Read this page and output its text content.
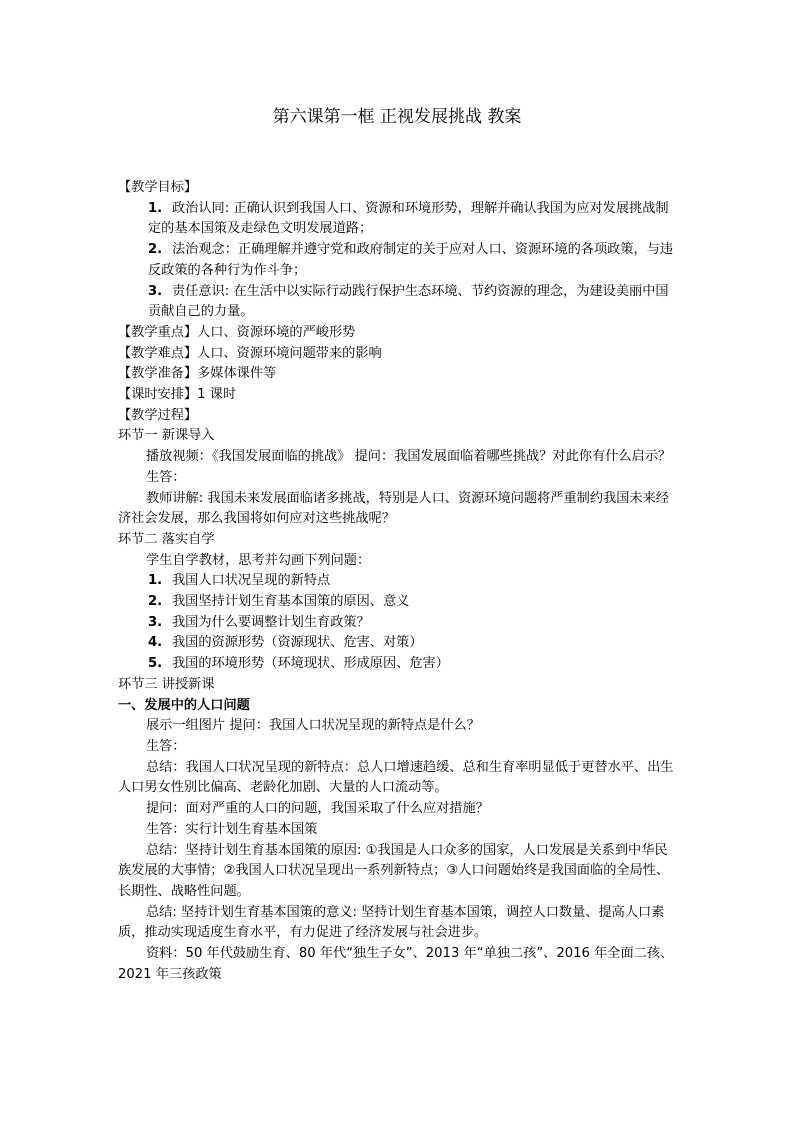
第六课第一框 正视发展挑战 教案

【教学目标】

1. 政治认同: 正确认识到我国人口、资源和环境形势，理解并确认我国为应对发展挑战制定的基本国策及走绿色文明发展道路；

2. 法治观念：正确理解并遵守党和政府制定的关于应对人口、资源环境的各项政策，与违反政策的各种行为作斗争；

3. 责任意识: 在生活中以实际行动践行保护生态环境、节约资源的理念，为建设美丽中国贡献自己的力量。

【教学重点】人口、资源环境的严峻形势

【教学难点】人口、资源环境问题带来的影响

【教学准备】多媒体课件等

【课时安排】1 课时

【教学过程】

环节一 新课导入

播放视频：《我国发展面临的挑战》 提问：我国发展面临着哪些挑战？对此你有什么启示？

生答：

教师讲解: 我国未来发展面临诸多挑战，特别是人口、资源环境问题将严重制约我国未来经济社会发展，那么我国将如何应对这些挑战呢？

环节二 落实自学

学生自学教材，思考并勾画下列问题：

1. 我国人口状况呈现的新特点

2. 我国坚持计划生育基本国策的原因、意义

3. 我国为什么要调整计划生育政策？

4. 我国的资源形势（资源现状、危害、对策）

5. 我国的环境形势（环境现状、形成原因、危害）

环节三 讲授新课

一、发展中的人口问题

展示一组图片 提问：我国人口状况呈现的新特点是什么？

生答：

总结：我国人口状况呈现的新特点：总人口增速趋缓、总和生育率明显低于更替水平、出生人口男女性别比偏高、老龄化加剧、大量的人口流动等。

提问：面对严重的人口的问题，我国采取了什么应对措施？

生答：实行计划生育基本国策

总结：坚持计划生育基本国策的原因: ①我国是人口众多的国家，人口发展是关系到中华民族发展的大事情；②我国人口状况呈现出一系列新特点；③人口问题始终是我国面临的全局性、长期性、战略性问题。

总结: 坚持计划生育基本国策的意义: 坚持计划生育基本国策，调控人口数量、提高人口素质，推动实现适度生育水平，有力促进了经济发展与社会进步。

资料：50 年代鼓励生育、80 年代“独生子女”、2013 年“单独二孩”、2016 年全面二孩、2021 年三孩政策
